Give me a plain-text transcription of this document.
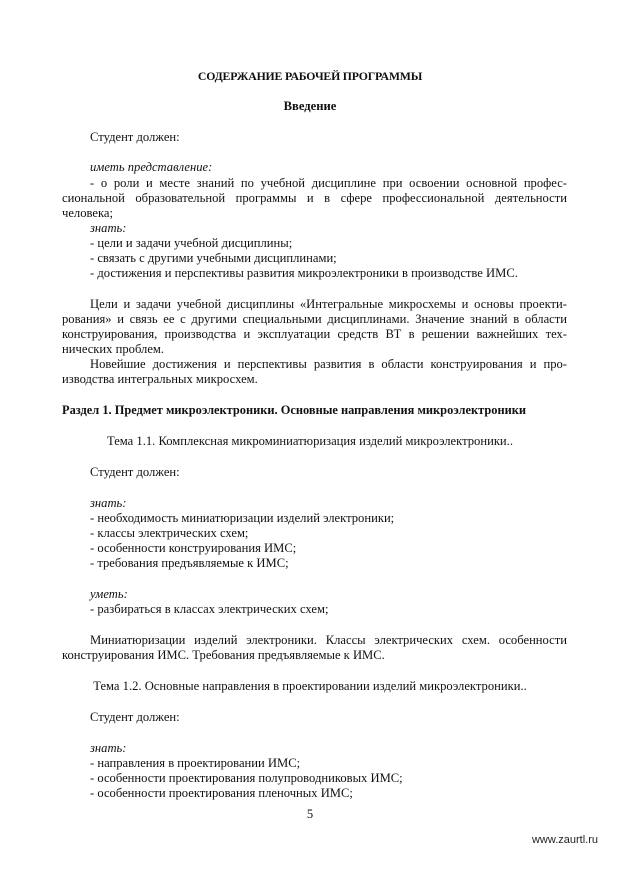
СОДЕРЖАНИЕ РАБОЧЕЙ ПРОГРАММЫ
Введение
Студент должен:
иметь представление:
- о роли и месте знаний по учебной дисциплине при освоении основной профес-
сиональной образовательной программы и в сфере профессиональной деятельности
человека;
знать:
- цели и задачи учебной дисциплины;
- связать с другими учебными дисциплинами;
- достижения и перспективы развития микроэлектроники в производстве ИМС.
Цели и задачи учебной дисциплины «Интегральные микросхемы и основы проекти-
рования» и связь ее с другими специальными дисциплинами. Значение знаний в области
конструирования, производства и эксплуатации средств ВТ в решении важнейших тех-
нических проблем.
Новейшие достижения и перспективы развития в области конструирования и про-
изводства интегральных микросхем.
Раздел 1. Предмет микроэлектроники. Основные направления микроэлектроники
Тема 1.1. Комплексная микроминиатюризация изделий микроэлектроники..
Студент должен:
знать:
- необходимость миниатюризации изделий электроники;
- классы электрических схем;
- особенности конструирования ИМС;
- требования предъявляемые к ИМС;
уметь:
- разбираться в классах электрических схем;
Миниатюризации изделий электроники. Классы электрических схем. особенности
конструирования ИМС. Требования предъявляемые к ИМС.
Тема 1.2. Основные направления в проектировании изделий микроэлектроники..
Студент должен:
знать:
- направления в проектировании ИМС;
- особенности проектирования полупроводниковых ИМС;
- особенности проектирования пленочных ИМС;
5
www.zaurtl.ru
